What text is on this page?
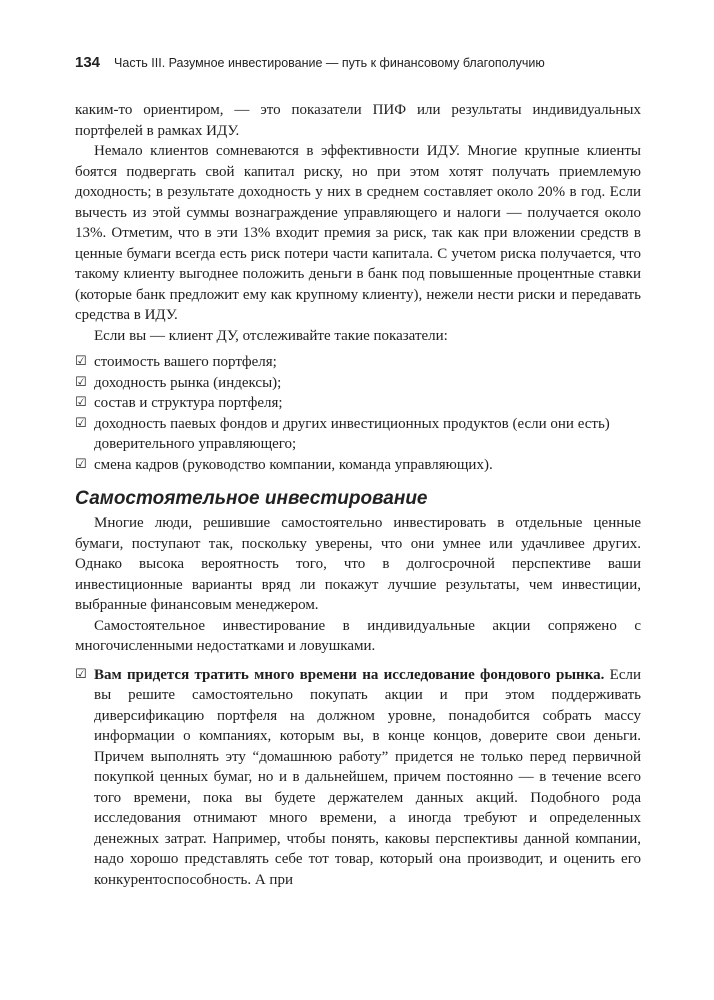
134 Часть III. Разумное инвестирование — путь к финансовому благополучию

каким-то ориентиром, — это показатели ПИФ или результаты индивидуальных портфелей в рамках ИДУ.

Немало клиентов сомневаются в эффективности ИДУ. Многие крупные клиенты боятся подвергать свой капитал риску, но при этом хотят получать приемлемую доходность; в результате доходность у них в среднем составляет около 20% в год. Если вычесть из этой суммы вознаграждение управляющего и налоги — получается около 13%. Отметим, что в эти 13% входит премия за риск, так как при вложении средств в ценные бумаги всегда есть риск потери части капитала. С учетом риска получается, что такому клиенту выгоднее положить деньги в банк под повышенные процентные ставки (которые банк предложит ему как крупному клиенту), нежели нести риски и передавать средства в ИДУ.

Если вы — клиент ДУ, отслеживайте такие показатели:

☑ стоимость вашего портфеля;
☑ доходность рынка (индексы);
☑ состав и структура портфеля;
☑ доходность паевых фондов и других инвестиционных продуктов (если они есть) доверительного управляющего;
☑ смена кадров (руководство компании, команда управляющих).
Самостоятельное инвестирование

Многие люди, решившие самостоятельно инвестировать в отдельные ценные бумаги, поступают так, поскольку уверены, что они умнее или удачливее других. Однако высока вероятность того, что в долгосрочной перспективе ваши инвестиционные варианты вряд ли покажут лучшие результаты, чем инвестиции, выбранные финансовым менеджером.

Самостоятельное инвестирование в индивидуальные акции сопряжено с многочисленными недостатками и ловушками.

☑ Вам придется тратить много времени на исследование фондового рынка. Если вы решите самостоятельно покупать акции и при этом поддерживать диверсификацию портфеля на должном уровне, понадобится собрать массу информации о компаниях, которым вы, в конце концов, доверите свои деньги. Причем выполнять эту “домашнюю работу” придется не только перед первичной покупкой ценных бумаг, но и в дальнейшем, причем постоянно — в течение всего того времени, пока вы будете держателем данных акций. Подобного рода исследования отнимают много времени, а иногда требуют и определенных денежных затрат. Например, чтобы понять, каковы перспективы данной компании, надо хорошо представлять себе тот товар, который она производит, и оценить его конкурентоспособность. А при
